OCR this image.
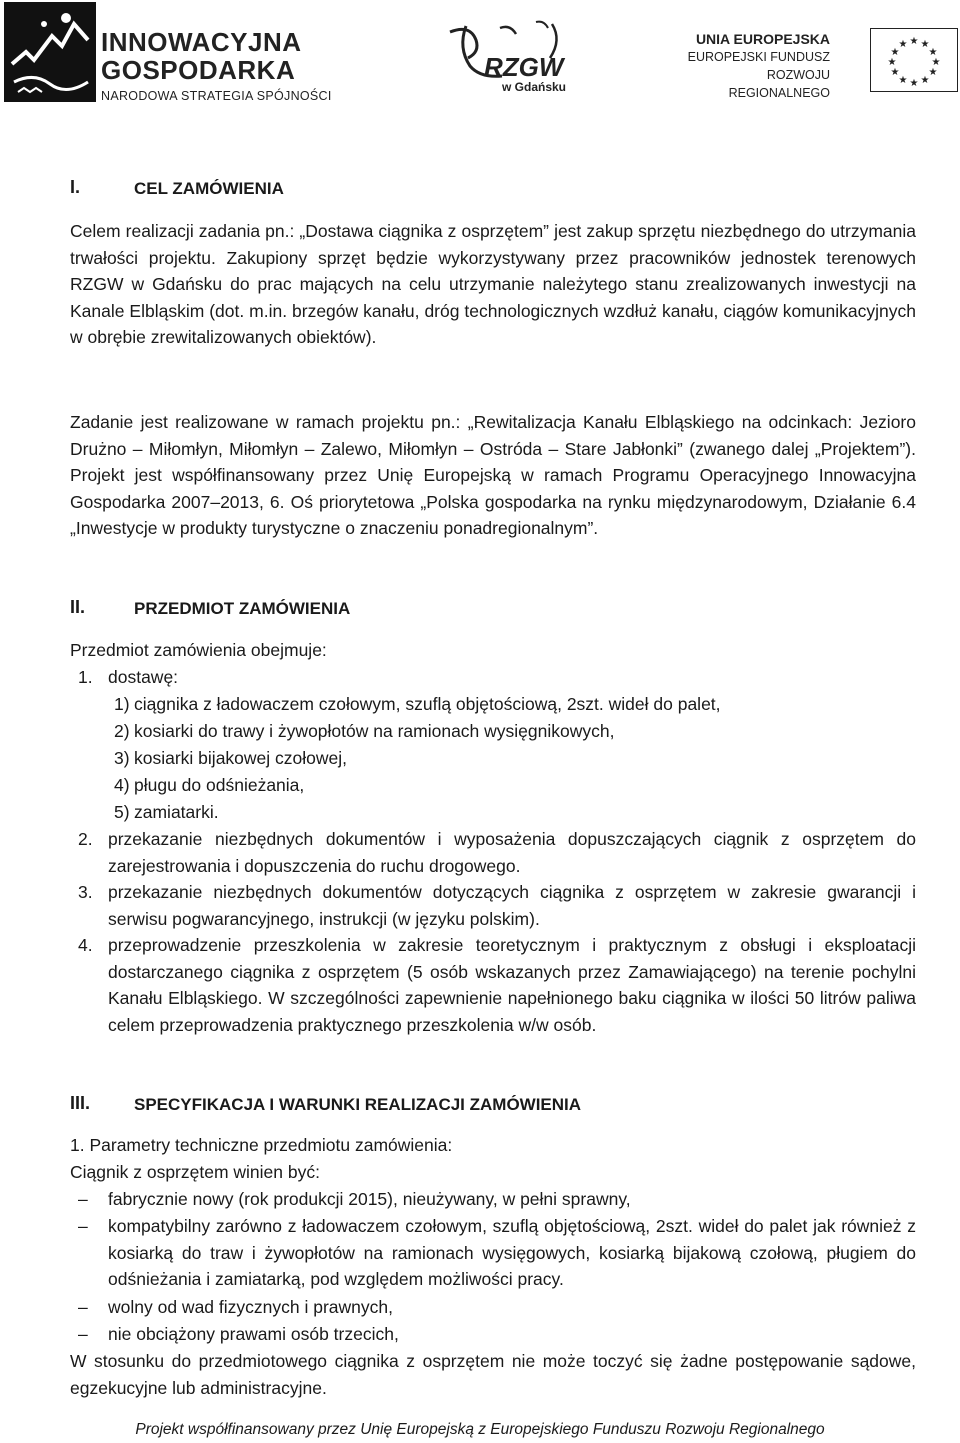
INNOWACYJNA
GOSPODARKA
NARODOWA STRATEGIA SPÓJNOŚCI
RZGW
w Gdańsku
UNIA EUROPEJSKA
EUROPEJSKI FUNDUSZ
ROZWOJU REGIONALNEGO
★ ★
★
★
★
★
★
★
★
★
★
★
I.	CEL ZAMÓWIENIA
Celem realizacji zadania pn.: „Dostawa ciągnika z osprzętem” jest zakup sprzętu niezbędnego do utrzymania trwałości projektu. Zakupiony sprzęt będzie wykorzystywany przez pracowników jednostek terenowych RZGW w Gdańsku do prac mających na celu utrzymanie należytego stanu zrealizowanych inwestycji na Kanale Elbląskim (dot. m.in. brzegów kanału, dróg technologicznych wzdłuż kanału, ciągów komunikacyjnych w obrębie zrewitalizowanych obiektów).
Zadanie jest realizowane w ramach projektu pn.: „Rewitalizacja Kanału Elbląskiego na odcinkach: Jezioro Drużno – Miłomłyn, Miłomłyn – Zalewo, Miłomłyn – Ostróda – Stare Jabłonki” (zwanego dalej „Projektem”). Projekt jest współfinansowany przez Unię Europejską w ramach Programu Operacyjnego Innowacyjna Gospodarka 2007–2013, 6. Oś priorytetowa „Polska gospodarka na rynku międzynarodowym, Działanie 6.4 „Inwestycje w produkty turystyczne o znaczeniu ponadregionalnym”.
II.	PRZEDMIOT ZAMÓWIENIA
Przedmiot zamówienia obejmuje:
1. dostawę:
1) ciągnika z ładowaczem czołowym, szuflą objętościową, 2szt. wideł do palet,
2) kosiarki do trawy i żywopłotów na ramionach wysięgnikowych,
3) kosiarki bijakowej czołowej,
4) pługu do odśnieżania,
5) zamiatarki.
2. przekazanie niezbędnych dokumentów i wyposażenia dopuszczających ciągnik z osprzętem do zarejestrowania i dopuszczenia do ruchu drogowego.
3. przekazanie niezbędnych dokumentów dotyczących ciągnika z osprzętem w zakresie gwarancji i serwisu pogwarancyjnego, instrukcji (w języku polskim).
4. przeprowadzenie przeszkolenia w zakresie teoretycznym i praktycznym z obsługi i eksploatacji dostarczanego ciągnika z osprzętem (5 osób wskazanych przez Zamawiającego) na terenie pochylni Kanału Elbląskiego. W szczególności zapewnienie napełnionego baku ciągnika w ilości 50 litrów paliwa celem przeprowadzenia praktycznego przeszkolenia w/w osób.
III.	SPECYFIKACJA I WARUNKI REALIZACJI ZAMÓWIENIA
1. Parametry techniczne przedmiotu zamówienia:
Ciągnik z osprzętem winien być:
– fabrycznie nowy (rok produkcji 2015), nieużywany, w pełni sprawny,
– kompatybilny zarówno z ładowaczem czołowym, szuflą objętościową, 2szt. wideł do palet jak również z kosiarką do traw i żywopłotów na ramionach wysięgowych, kosiarką bijakową czołową, pługiem do odśnieżania i zamiatarką, pod względem możliwości pracy.
– wolny od wad fizycznych i prawnych,
– nie obciążony prawami osób trzecich,
W stosunku do przedmiotowego ciągnika z osprzętem nie może toczyć się żadne postępowanie sądowe, egzekucyjne lub administracyjne.
Projekt współfinansowany przez Unię Europejską z Europejskiego Funduszu Rozwoju Regionalnego
